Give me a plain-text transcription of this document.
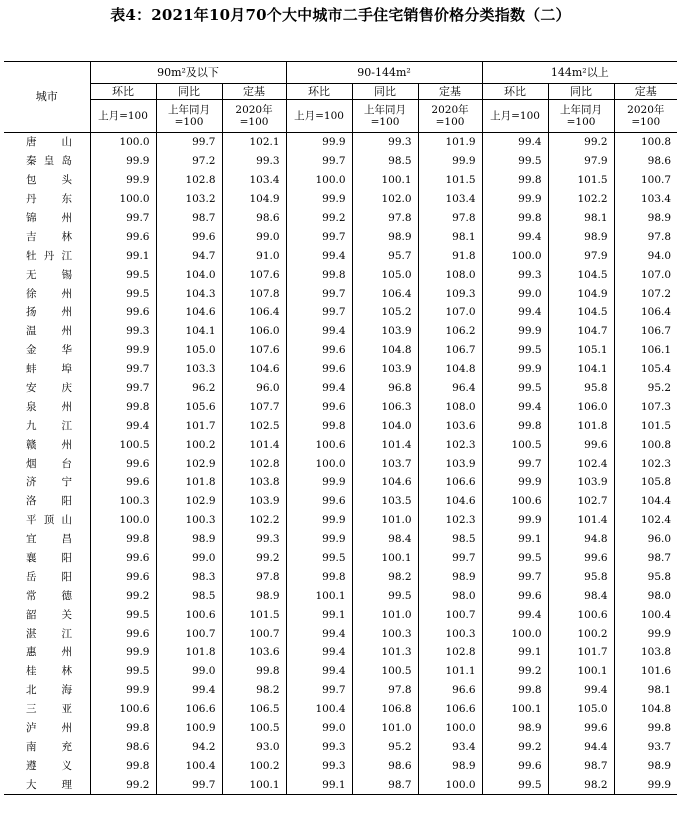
表4：2021年10月70个大中城市二手住宅销售价格分类指数（二）
城市	90m²及以下			90-144m²			144m²以上		
	环比	同比	定基	环比	同比	定基	环比	同比	定基
	上月=100	上年同月=100	2020年=100	上月=100	上年同月=100	2020年=100	上月=100	上年同月=100	2020年=100
唐山	100.0	99.7	102.1	99.9	99.3	101.9	99.4	99.2	100.8
秦皇岛	99.9	97.2	99.3	99.7	98.5	99.9	99.5	97.9	98.6
包头	99.9	102.8	103.4	100.0	100.1	101.5	99.8	101.5	100.7
丹东	100.0	103.2	104.9	99.9	102.0	103.4	99.9	102.2	103.4
锦州	99.7	98.7	98.6	99.2	97.8	97.8	99.8	98.1	98.9
吉林	99.6	99.6	99.0	99.7	98.9	98.1	99.4	98.9	97.8
牡丹江	99.1	94.7	91.0	99.4	95.7	91.8	100.0	97.9	94.0
无锡	99.5	104.0	107.6	99.8	105.0	108.0	99.3	104.5	107.0
徐州	99.5	104.3	107.8	99.7	106.4	109.3	99.0	104.9	107.2
扬州	99.6	104.6	106.4	99.7	105.2	107.0	99.4	104.5	106.4
温州	99.3	104.1	106.0	99.4	103.9	106.2	99.9	104.7	106.7
金华	99.9	105.0	107.6	99.6	104.8	106.7	99.5	105.1	106.1
蚌埠	99.7	103.3	104.6	99.6	103.9	104.8	99.9	104.1	105.4
安庆	99.7	96.2	96.0	99.4	96.8	96.4	99.5	95.8	95.2
泉州	99.8	105.6	107.7	99.6	106.3	108.0	99.4	106.0	107.3
九江	99.4	101.7	102.5	99.8	104.0	103.6	99.8	101.8	101.5
赣州	100.5	100.2	101.4	100.6	101.4	102.3	100.5	99.6	100.8
烟台	99.6	102.9	102.8	100.0	103.7	103.9	99.7	102.4	102.3
济宁	99.6	101.8	103.8	99.9	104.6	106.6	99.9	103.9	105.8
洛阳	100.3	102.9	103.9	99.6	103.5	104.6	100.6	102.7	104.4
平顶山	100.0	100.3	102.2	99.9	101.0	102.3	99.9	101.4	102.4
宜昌	99.8	98.9	99.3	99.9	98.4	98.5	99.1	94.8	96.0
襄阳	99.6	99.0	99.2	99.5	100.1	99.7	99.5	99.6	98.7
岳阳	99.6	98.3	97.8	99.8	98.2	98.9	99.7	95.8	95.8
常德	99.2	98.5	98.9	100.1	99.5	98.0	99.6	98.4	98.0
韶关	99.5	100.6	101.5	99.1	101.0	100.7	99.4	100.6	100.4
湛江	99.6	100.7	100.7	99.4	100.3	100.3	100.0	100.2	99.9
惠州	99.9	101.8	103.6	99.4	101.3	102.8	99.1	101.7	103.8
桂林	99.5	99.0	99.8	99.4	100.5	101.1	99.2	100.1	101.6
北海	99.9	99.4	98.2	99.7	97.8	96.6	99.8	99.4	98.1
三亚	100.6	106.6	106.5	100.4	106.8	106.6	100.1	105.0	104.8
泸州	99.8	100.9	100.5	99.0	101.0	100.0	98.9	99.6	99.8
南充	98.6	94.2	93.0	99.3	95.2	93.4	99.2	94.4	93.7
遵义	99.8	100.4	100.2	99.3	98.6	98.9	99.6	98.7	98.9
大理	99.2	99.7	100.1	99.1	98.7	100.0	99.5	98.2	99.9
